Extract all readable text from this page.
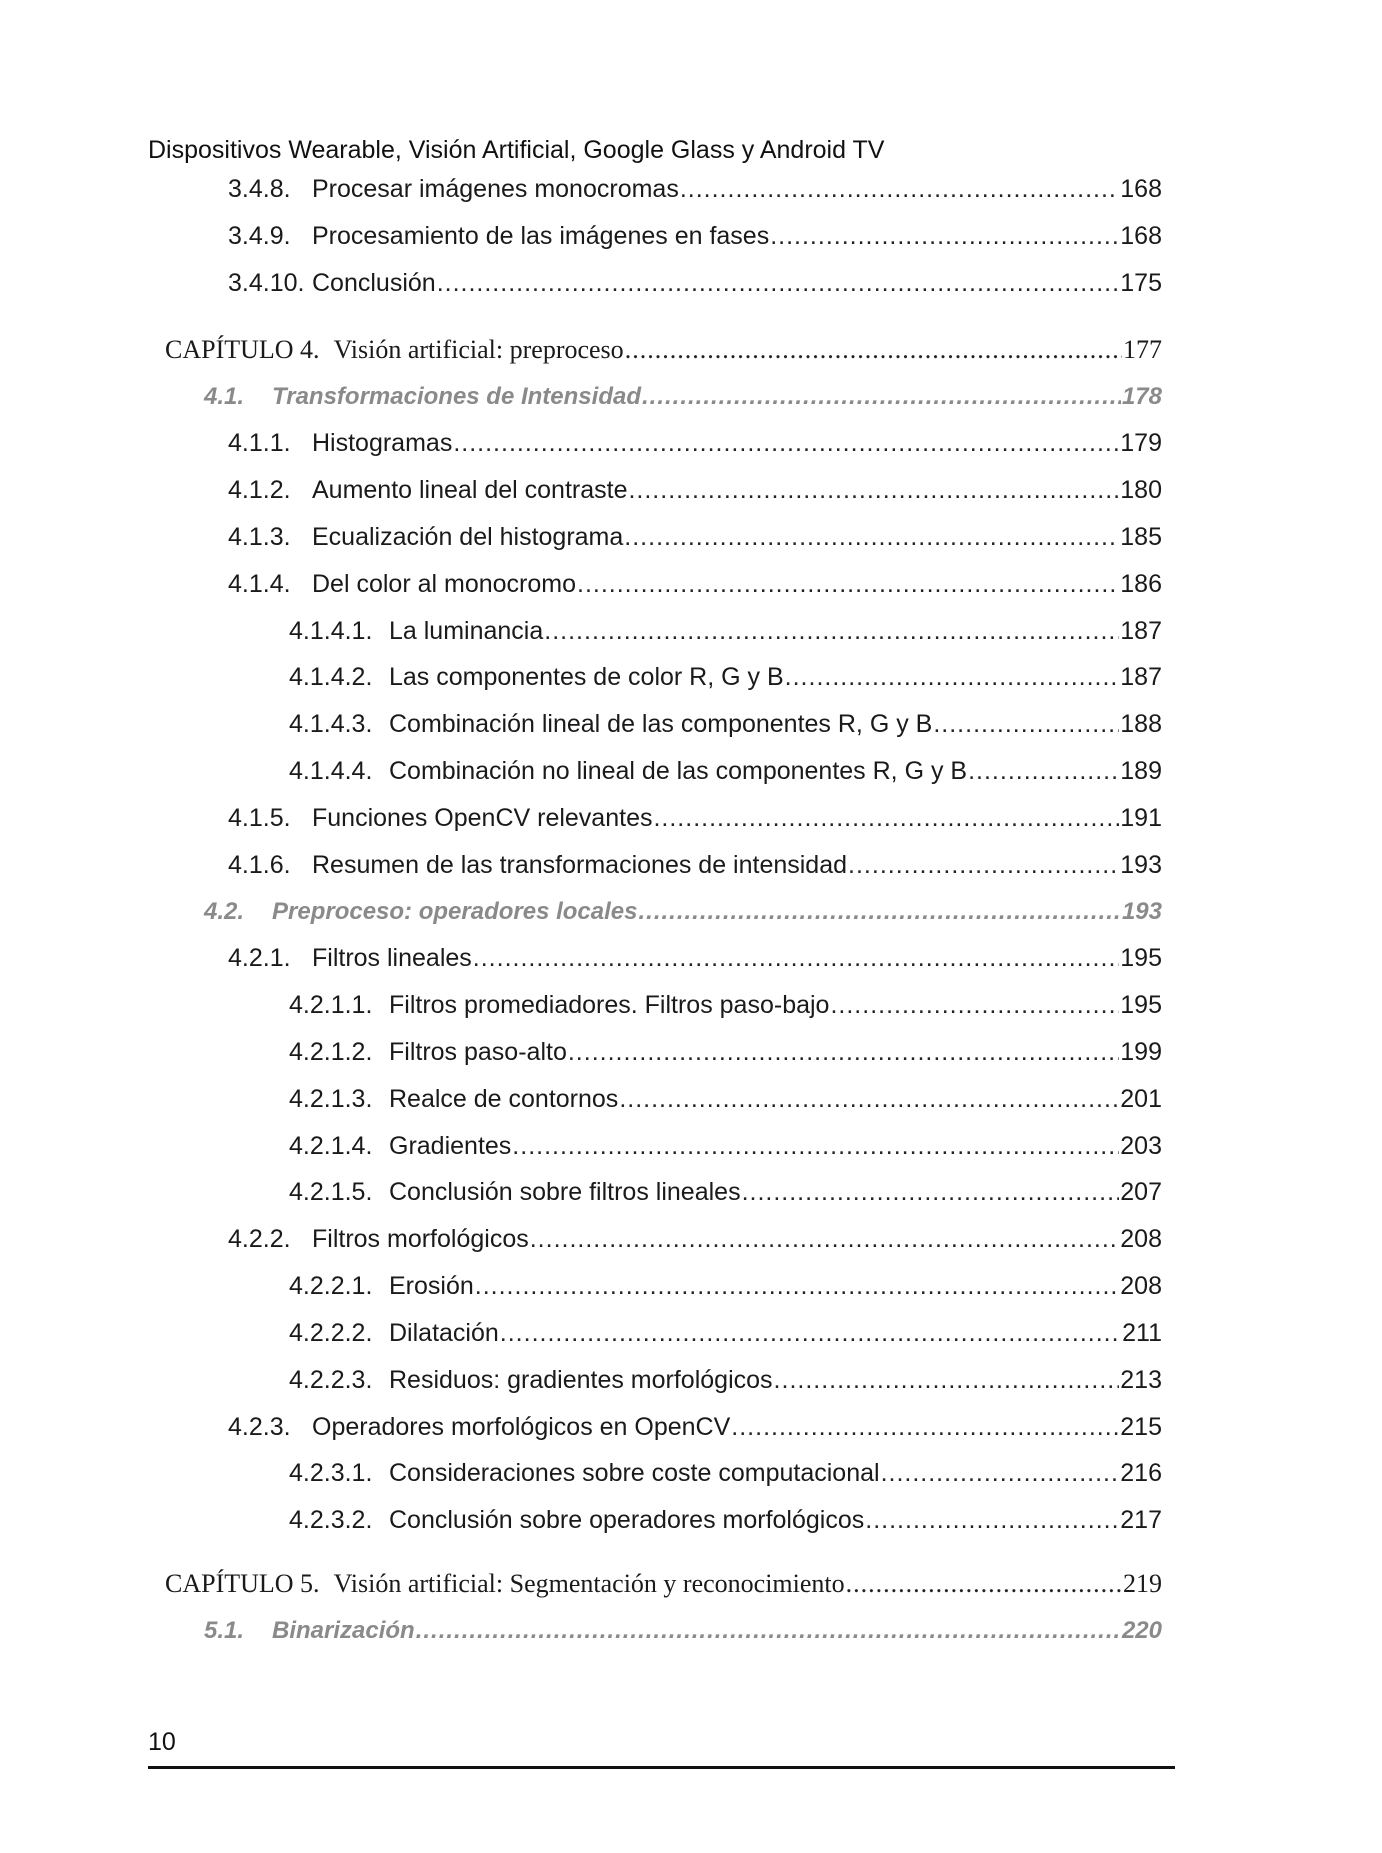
Dispositivos Wearable, Visión Artificial, Google Glass y Android TV
3.4.8. Procesar imágenes monocromas .....	168
3.4.9. Procesamiento de las imágenes en fases .....	168
3.4.10. Conclusión .....	175
CAPÍTULO 4. Visión artificial: preproceso .....	177
4.1.	Transformaciones de Intensidad .....	178
4.1.1. Histogramas .....	179
4.1.2. Aumento lineal del contraste .....	180
4.1.3. Ecualización del histograma .....	185
4.1.4. Del color al monocromo .....	186
4.1.4.1. La luminancia .....	187
4.1.4.2. Las componentes de color R, G y B .....	187
4.1.4.3. Combinación lineal de las componentes R, G y B .....	188
4.1.4.4. Combinación no lineal de las componentes R, G y B .....	189
4.1.5. Funciones OpenCV relevantes .....	191
4.1.6. Resumen de las transformaciones de intensidad .....	193
4.2.	Preproceso: operadores locales .....	193
4.2.1. Filtros lineales .....	195
4.2.1.1. Filtros promediadores. Filtros paso-bajo .....	195
4.2.1.2. Filtros paso-alto .....	199
4.2.1.3. Realce de contornos .....	201
4.2.1.4. Gradientes .....	203
4.2.1.5. Conclusión sobre filtros lineales .....	207
4.2.2. Filtros morfológicos .....	208
4.2.2.1. Erosión .....	208
4.2.2.2. Dilatación .....	211
4.2.2.3. Residuos: gradientes morfológicos .....	213
4.2.3. Operadores morfológicos en OpenCV .....	215
4.2.3.1. Consideraciones sobre coste computacional .....	216
4.2.3.2. Conclusión sobre operadores morfológicos .....	217
CAPÍTULO 5. Visión artificial: Segmentación y reconocimiento .....	219
5.1.	Binarización .....	220
10
